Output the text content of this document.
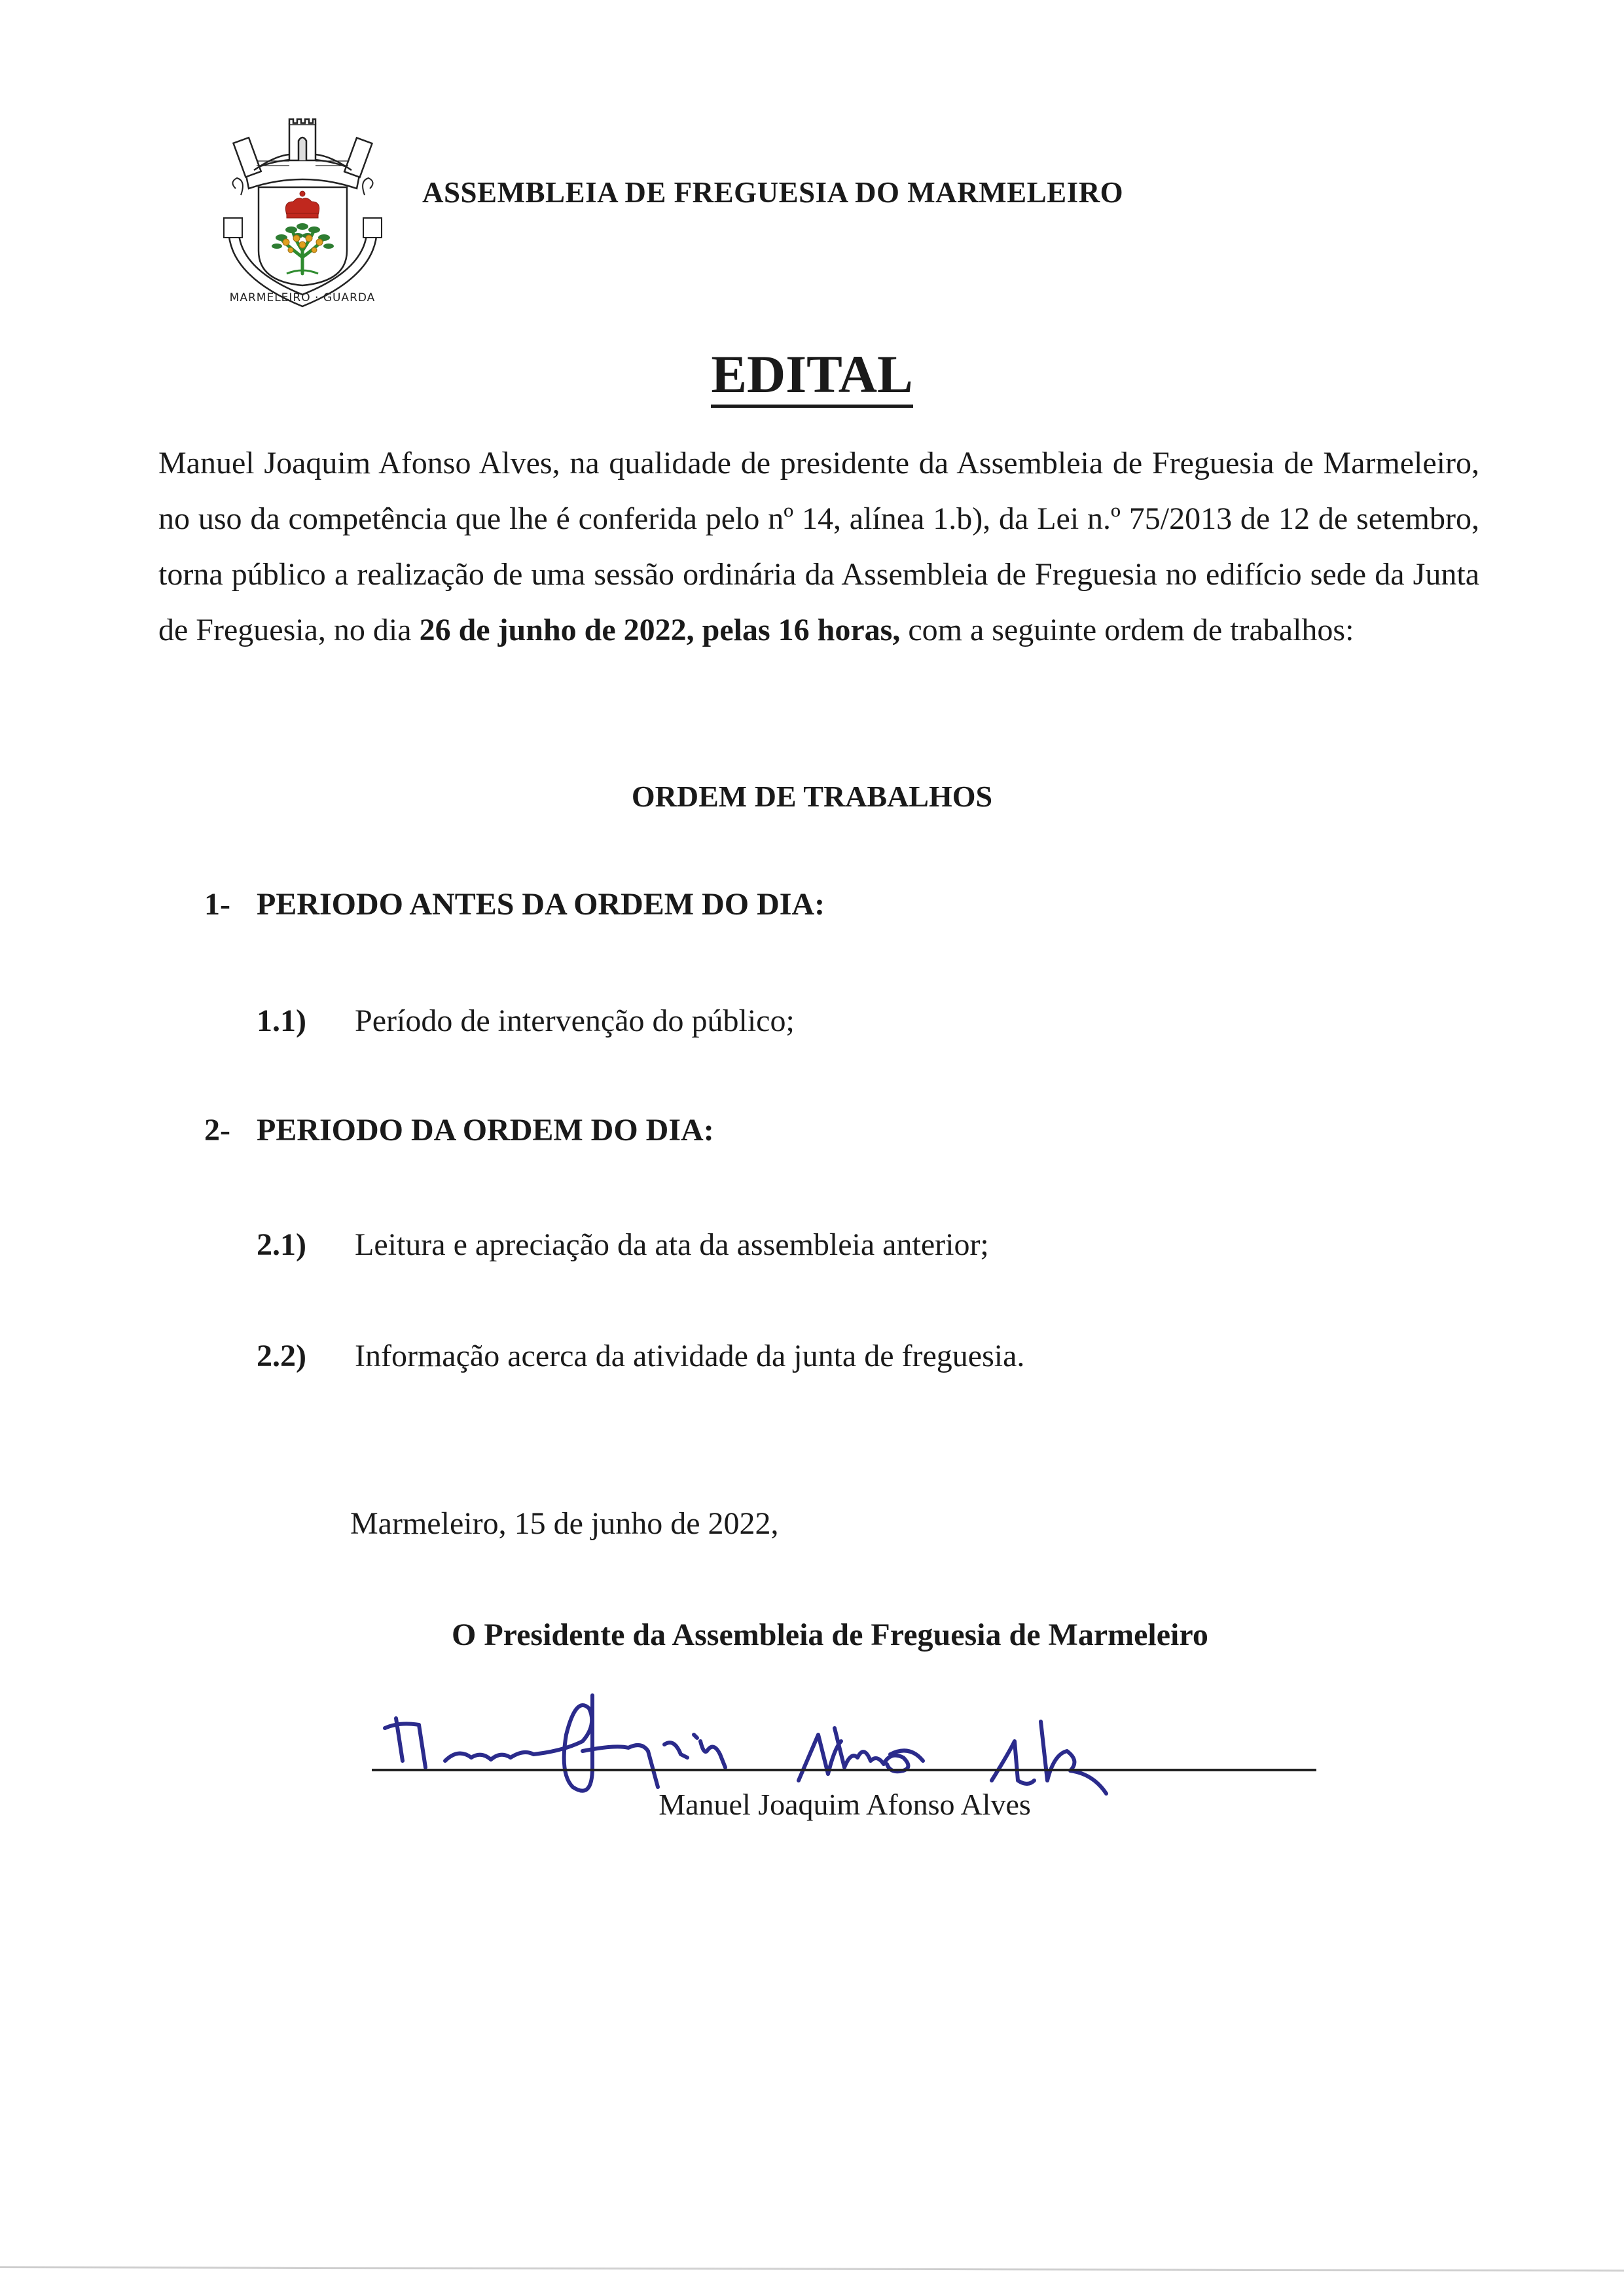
MARMELEIRO · GUARDA
ASSEMBLEIA DE FREGUESIA DO MARMELEIRO
EDITAL
Manuel Joaquim Afonso Alves, na qualidade de presidente da Assembleia de Freguesia de Marmeleiro, no uso da competência que lhe é conferida pelo nº 14, alínea 1.b), da Lei n.º 75/2013 de 12 de setembro, torna público a realização de uma sessão ordinária da Assembleia de Freguesia no edifício sede da Junta de Freguesia, no dia 26 de junho de 2022, pelas 16 horas, com a seguinte ordem de trabalhos:
ORDEM DE TRABALHOS
1- PERIODO ANTES DA ORDEM DO DIA:
1.1) Período de intervenção do público;
2- PERIODO DA ORDEM DO DIA:
2.1) Leitura e apreciação da ata da assembleia anterior;
2.2) Informação acerca da atividade da junta de freguesia.
Marmeleiro, 15 de junho de 2022,
O Presidente da Assembleia de Freguesia de Marmeleiro
Manuel Joaquim Afonso Alves
